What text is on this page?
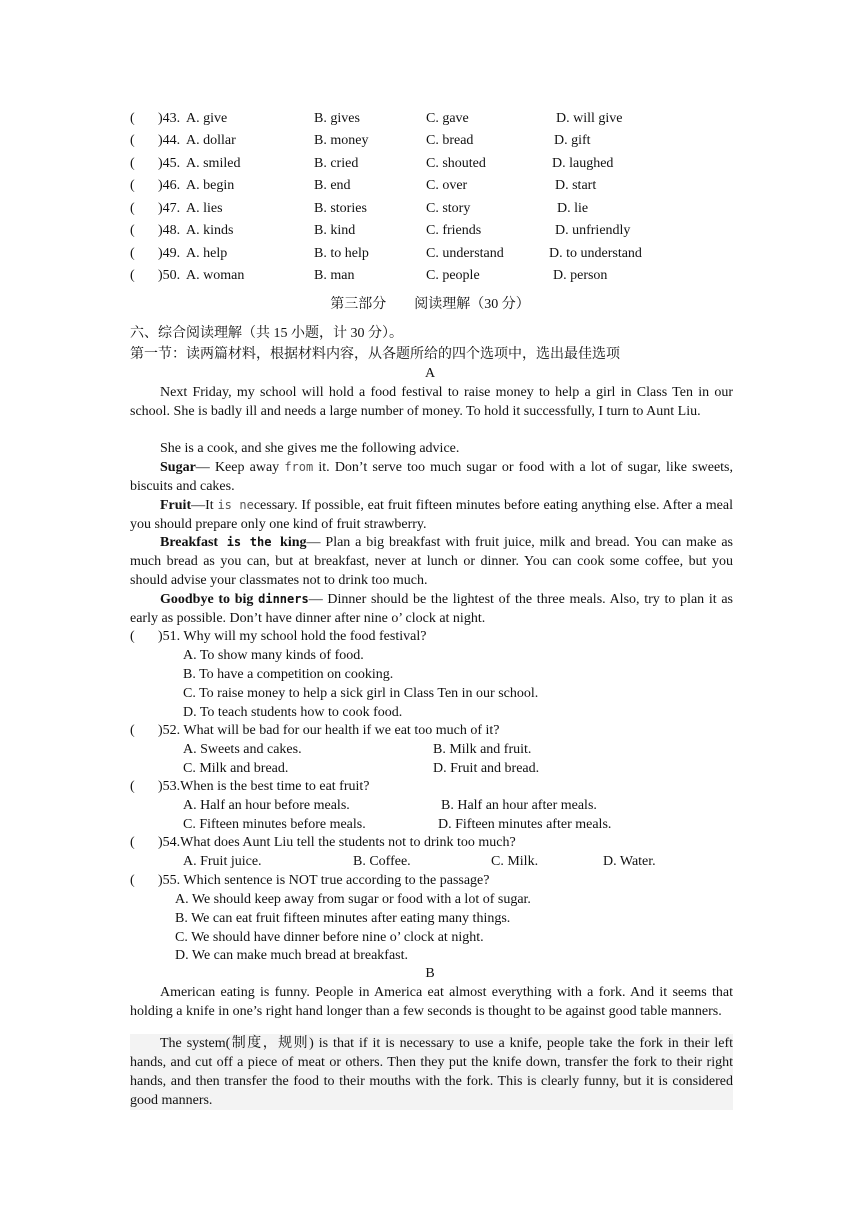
( )43. A. give	B. gives	C. gave	D. will give
( )44. A. dollar	B. money	C. bread	D. gift
( )45. A. smiled	B. cried	C. shouted	D. laughed
( )46. A. begin	B. end	C. over	D. start
( )47. A. lies	B. stories	C. story	D. lie
( )48. A. kinds	B. kind	C. friends	D. unfriendly
( )49. A. help	B. to help	C. understand	D. to understand
( )50. A. woman	B. man	C. people	D. person
第三部分　　阅读理解（30 分）
六、综合阅读理解（共 15 小题，计 30 分）。
第一节：读两篇材料，根据材料内容，从各题所给的四个选项中，选出最佳选项
A
Next Friday, my school will hold a food festival to raise money to help a girl in Class Ten in our school. She is badly ill and needs a large number of money. To hold it successfully, I turn to Aunt Liu.
She is a cook, and she gives me the following advice.
Sugar— Keep away from it. Don’t serve too much sugar or food with a lot of sugar, like sweets, biscuits and cakes.
Fruit—It is necessary. If possible, eat fruit fifteen minutes before eating anything else. After a meal you should prepare only one kind of fruit strawberry.
Breakfast is the king— Plan a big breakfast with fruit juice, milk and bread. You can make as much bread as you can, but at breakfast, never at lunch or dinner. You can cook some coffee, but you should advise your classmates not to drink too much.
Goodbye to big dinners— Dinner should be the lightest of the three meals. Also, try to plan it as early as possible. Don’t have dinner after nine o’ clock at night.
( )51. Why will my school hold the food festival?
A. To show many kinds of food.
B. To have a competition on cooking.
C. To raise money to help a sick girl in Class Ten in our school.
D. To teach students how to cook food.
( )52. What will be bad for our health if we eat too much of it?
A. Sweets and cakes.	B. Milk and fruit.
C. Milk and bread.	D. Fruit and bread.
( )53.When is the best time to eat fruit?
A. Half an hour before meals.	B. Half an hour after meals.
C. Fifteen minutes before meals.	D. Fifteen minutes after meals.
( )54.What does Aunt Liu tell the students not to drink too much?
A. Fruit juice.	B. Coffee.	C. Milk.	D. Water.
( )55. Which sentence is NOT true according to the passage?
A. We should keep away from sugar or food with a lot of sugar.
B. We can eat fruit fifteen minutes after eating many things.
C. We should have dinner before nine o’ clock at night.
D. We can make much bread at breakfast.
B
American eating is funny. People in America eat almost everything with a fork. And it seems that holding a knife in one’s right hand longer than a few seconds is thought to be against good table manners.
The system(制度，规则) is that if it is necessary to use a knife, people take the fork in their left hands, and cut off a piece of meat or others. Then they put the knife down, transfer the fork to their right hands, and then transfer the food to their mouths with the fork. This is clearly funny, but it is considered good manners.
